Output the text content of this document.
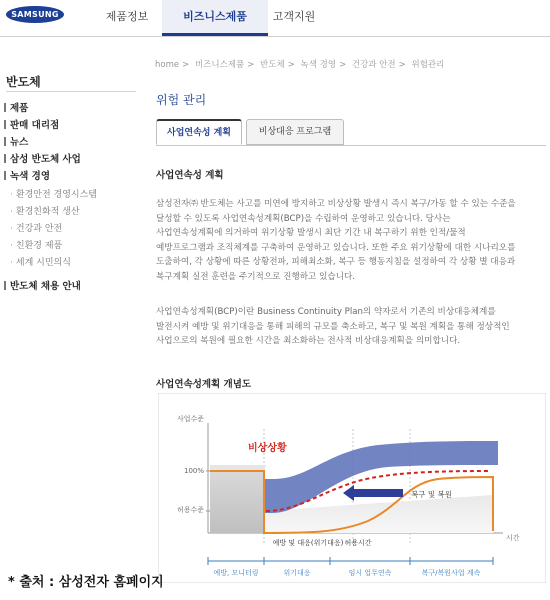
SAMSUNG	제품정보	비즈니스제품	고객지원
반도체
제품
판매 대리점
뉴스
삼성 반도체 사업
녹색 경영
· 환경안전 경영시스템
· 환경친화적 생산
· 건강과 안전
· 친환경 제품
· 세계 시민의식
반도체 채용 안내
home > 비즈니스제품 > 반도체 > 녹색 경영 > 건강과 안전 > 위험관리
위험 관리
사업연속성 계획	비상대응 프로그램
사업연속성 계획
삼성전자㈜ 반도체는 사고를 미연에 방지하고 비상상황 발생시 즉시 복구/가동 할 수 있는 수준을
달성할 수 있도록 사업연속성계획(BCP)을 수립하여 운영하고 있습니다. 당사는
사업연속성계획에 의거하여 위기상황 발생시 최단 기간 내 복구하기 위한 인적/물적
예방프로그램과 조직체계를 구축하여 운영하고 있습니다. 또한 주요 위기상황에 대한 시나리오를
도출하여, 각 상황에 따른 상황전파, 피해최소화, 복구 등 행동지침을 설정하여 각 상황 별 대응과
복구계획 실전 훈련을 주기적으로 진행하고 있습니다.
사업연속성계획(BCP)이란 Business Continuity Plan의 약자로서 기존의 비상대응체계를
발전시켜 예방 및 위기대응을 통해 피해의 규모를 축소하고, 복구 및 복원 계획을 통해 정상적인
사업으로의 복원에 필요한 시간을 최소화하는 전사적 비상대응계획을 의미합니다.
사업연속성계획 개념도
사업수준
100%
허용수준
비상상황
복구 및 복원
예방 및 대응(위기대응) 허용시간
시간
예방, 모니터링	위기대응	임시 업무연속	복구/복원사업 계속
* 출처 : 삼성전자 홈페이지
